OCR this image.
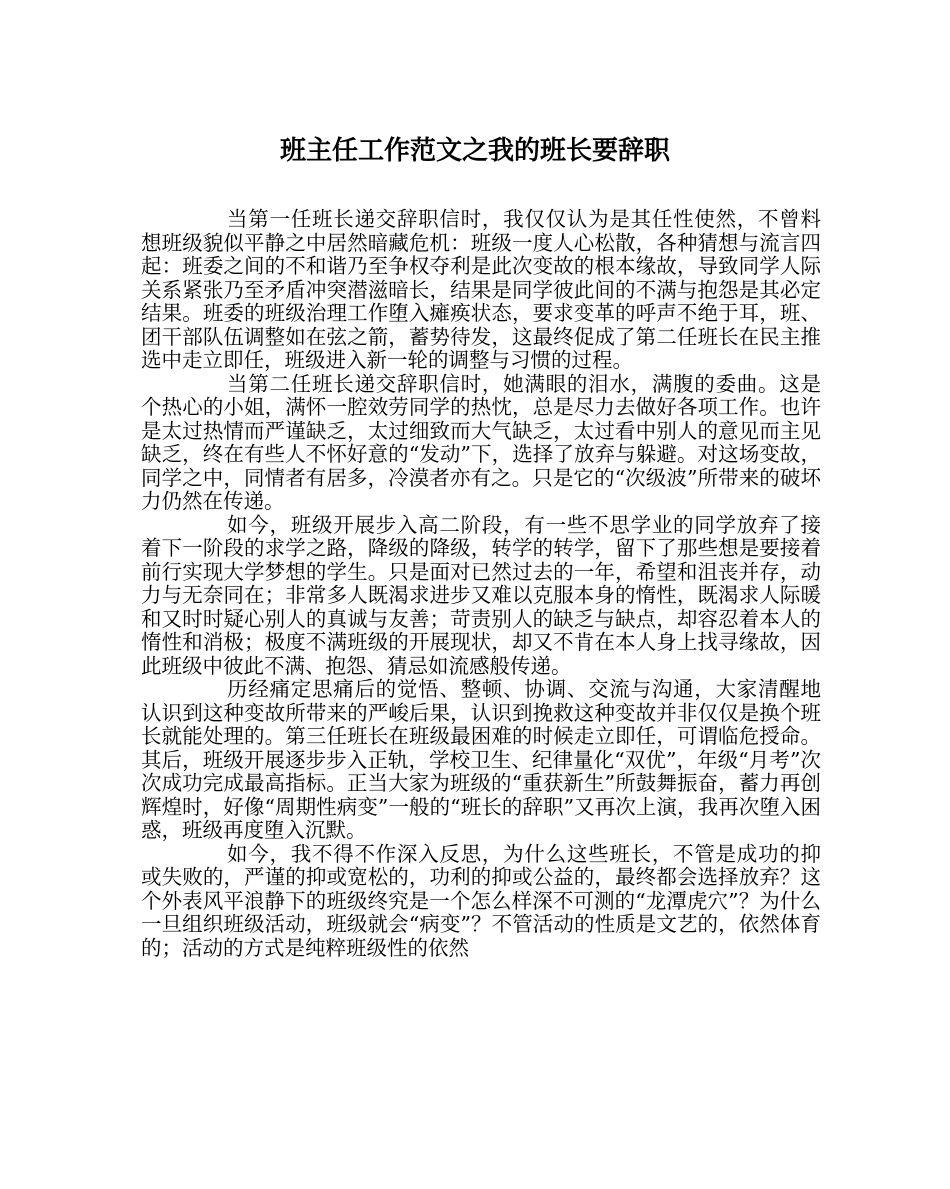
班主任工作范文之我的班长要辞职

当第一任班长递交辞职信时，我仅仅认为是其任性使然，不曾料想班级貌似平静之中居然暗藏危机：班级一度人心松散，各种猜想与流言四起：班委之间的不和谐乃至争权夺利是此次变故的根本缘故，导致同学人际关系紧张乃至矛盾冲突潜滋暗长，结果是同学彼此间的不满与抱怨是其必定结果。班委的班级治理工作堕入瘫痪状态，要求变革的呼声不绝于耳，班、团干部队伍调整如在弦之箭，蓄势待发，这最终促成了第二任班长在民主推选中走立即任，班级进入新一轮的调整与习惯的过程。

当第二任班长递交辞职信时，她满眼的泪水，满腹的委曲。这是个热心的小姐，满怀一腔效劳同学的热忱，总是尽力去做好各项工作。也许是太过热情而严谨缺乏，太过细致而大气缺乏，太过看中别人的意见而主见缺乏，终在有些人不怀好意的“发动”下，选择了放弃与躲避。对这场变故，同学之中，同情者有居多，冷漠者亦有之。只是它的“次级波”所带来的破坏力仍然在传递。

如今，班级开展步入高二阶段，有一些不思学业的同学放弃了接着下一阶段的求学之路，降级的降级，转学的转学，留下了那些想是要接着前行实现大学梦想的学生。只是面对已然过去的一年，希望和沮丧并存，动力与无奈同在；非常多人既渴求进步又难以克服本身的惰性，既渴求人际暖和又时时疑心别人的真诚与友善；苛责别人的缺乏与缺点，却容忍着本人的惰性和消极；极度不满班级的开展现状，却又不肯在本人身上找寻缘故，因此班级中彼此不满、抱怨、猜忌如流感般传递。

历经痛定思痛后的觉悟、整顿、协调、交流与沟通，大家清醒地认识到这种变故所带来的严峻后果，认识到挽救这种变故并非仅仅是换个班长就能处理的。第三任班长在班级最困难的时候走立即任，可谓临危授命。其后，班级开展逐步步入正轨，学校卫生、纪律量化“双优”，年级“月考”次次成功完成最高指标。正当大家为班级的“重获新生”所鼓舞振奋，蓄力再创辉煌时，好像“周期性病变”一般的“班长的辞职”又再次上演，我再次堕入困惑，班级再度堕入沉默。

如今，我不得不作深入反思，为什么这些班长，不管是成功的抑或失败的，严谨的抑或宽松的，功利的抑或公益的，最终都会选择放弃？这个外表风平浪静下的班级终究是一个怎么样深不可测的“龙潭虎穴”？为什么一旦组织班级活动，班级就会“病变”？不管活动的性质是文艺的，依然体育的；活动的方式是纯粹班级性的依然
